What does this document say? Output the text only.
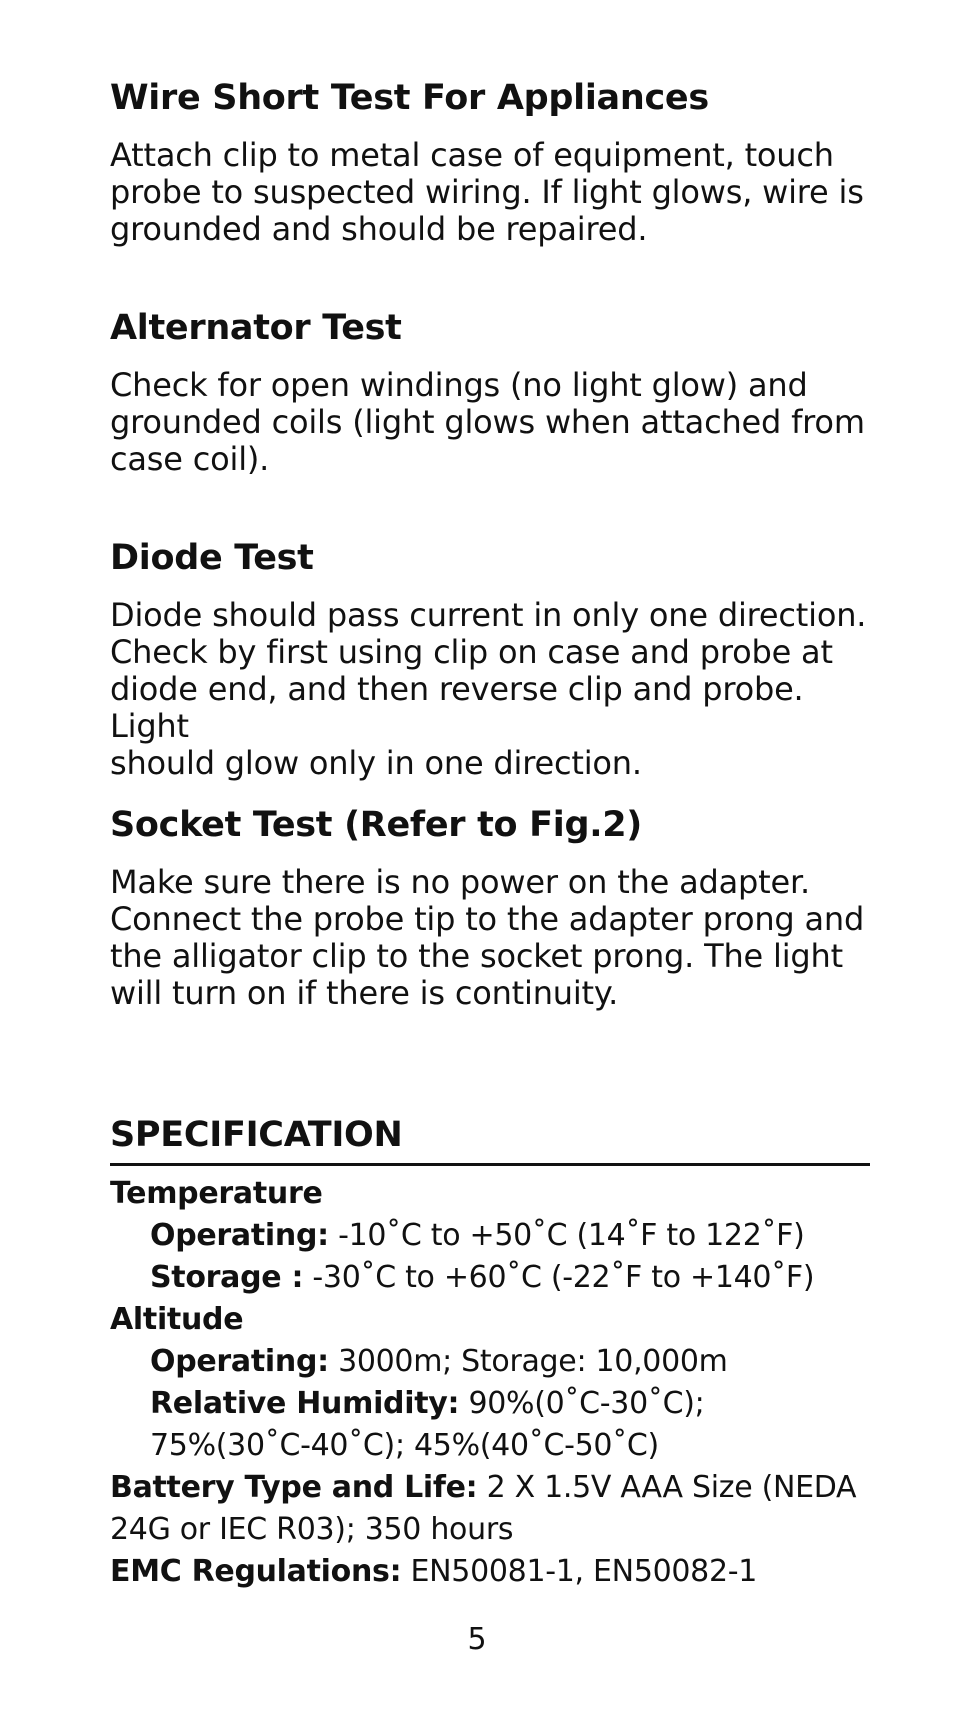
Wire Short Test For Appliances
Attach clip to metal case of equipment, touch
probe to suspected wiring. If light glows, wire is
grounded and should be repaired.
Alternator Test
Check for open windings (no light glow) and
grounded coils (light glows when attached from
case coil).
Diode Test
Diode should pass current in only one direction.
Check by first using clip on case and probe at
diode end, and then reverse clip and probe. Light
should glow only in one direction.
Socket Test (Refer to Fig.2)
Make sure there is no power on the adapter.
Connect the probe tip to the adapter prong and
the alligator clip to the socket prong. The light
will turn on if there is continuity.
SPECIFICATION

Temperature

Operating: -10˚C to +50˚C (14˚F to 122˚F)

Storage : -30˚C to +60˚C (-22˚F to +140˚F)

Altitude

Operating: 3000m; Storage: 10,000m

Relative Humidity: 90%(0˚C-30˚C);

75%(30˚C-40˚C); 45%(40˚C-50˚C)

Battery Type and Life: 2 X 1.5V AAA Size (NEDA

24G or IEC R03); 350 hours

EMC Regulations: EN50081-1, EN50082-1

5
